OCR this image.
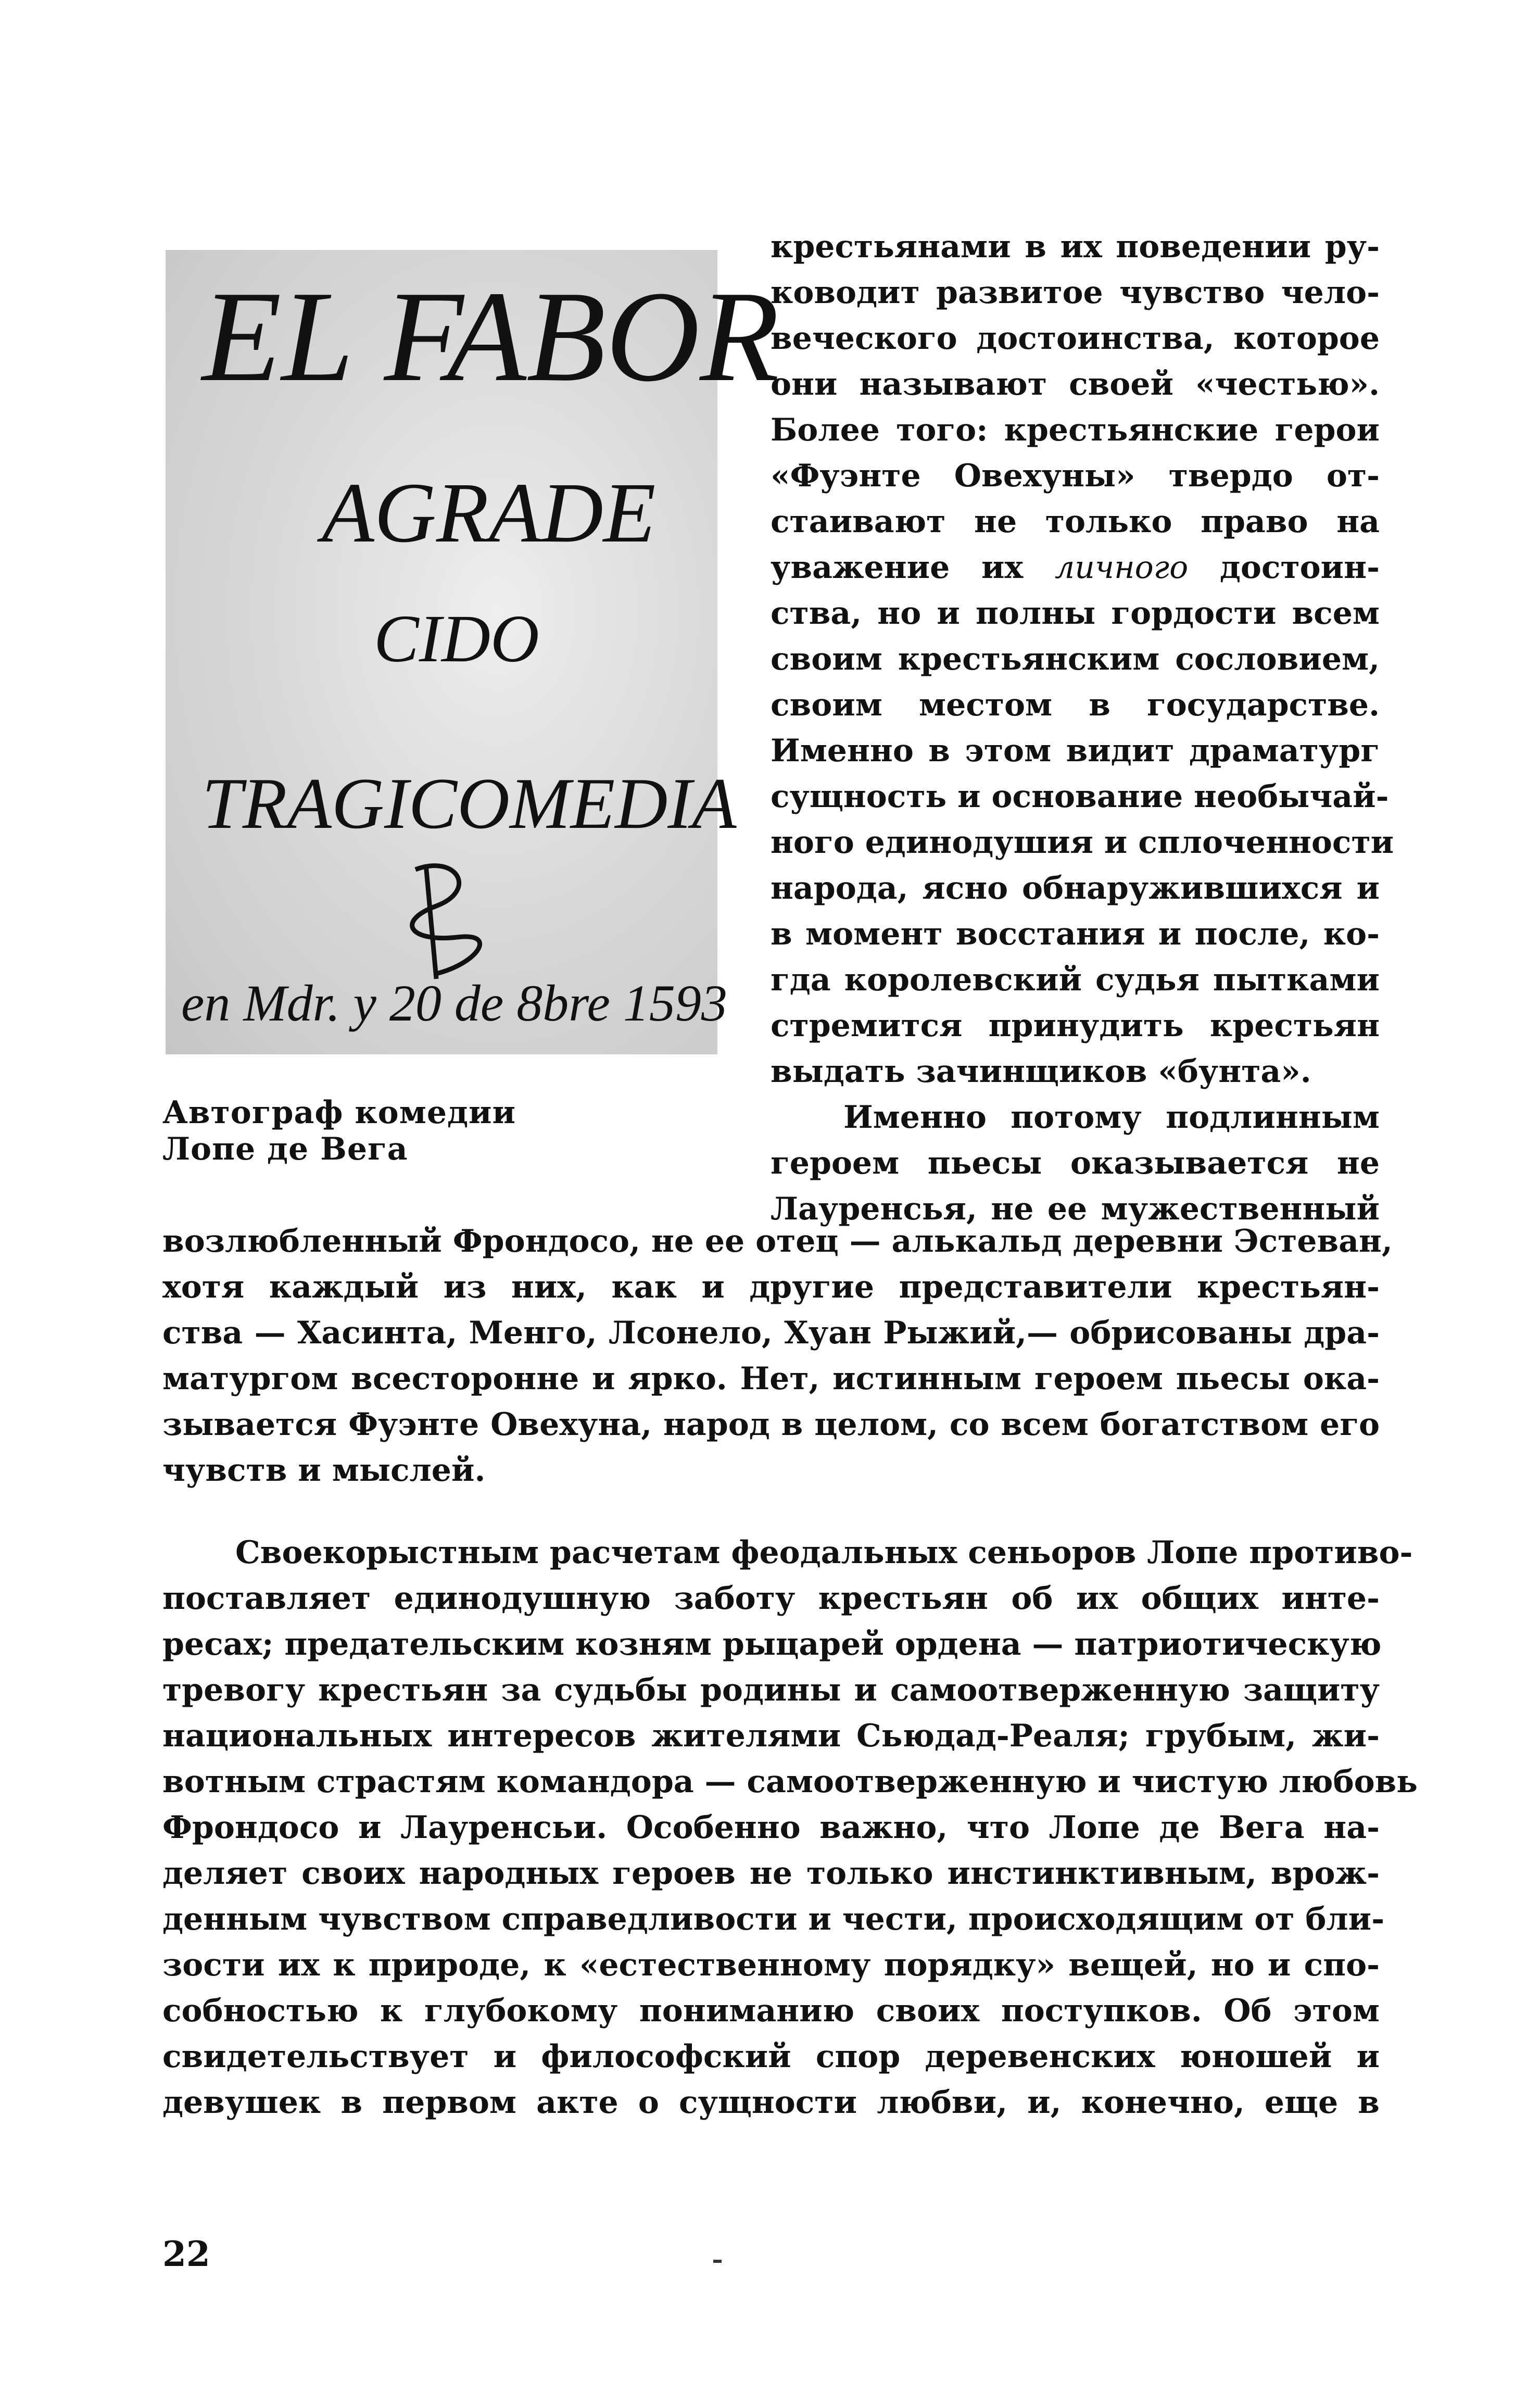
EL FABOR
AGRADE
CIDO
TRAGICOMEDIA
en Mdr. y 20 de 8bre 1593
Автограф комедии
Лопе де Вега
крестьянами в их поведении ру-
ководит развитое чувство чело-
веческого достоинства, которое
они называют своей «честью».
Более того: крестьянские герои
«Фуэнте Овехуны» твердо от-
стаивают не только право на
уважение их личного достоин-
ства, но и полны гордости всем
своим крестьянским сословием,
своим местом в государстве.
Именно в этом видит драматург
сущность и основание необычай-
ного единодушия и сплоченности
народа, ясно обнаружившихся и
в момент восстания и после, ко-
гда королевский судья пытками
стремится принудить крестьян
выдать зачинщиков «бунта».
Именно потому подлинным
героем пьесы оказывается не
Лауренсья, не ее мужественный
возлюбленный Фрондосо, не ее отец — алькальд деревни Эстеван,
хотя каждый из них, как и другие представители крестьян-
ства — Хасинта, Менго, Лсонело, Хуан Рыжий,— обрисованы дра-
матургом всесторонне и ярко. Нет, истинным героем пьесы ока-
зывается Фуэнте Овехуна, народ в целом, со всем богатством его
чувств и мыслей.
Своекорыстным расчетам феодальных сеньоров Лопе противо-
поставляет единодушную заботу крестьян об их общих инте-
ресах; предательским козням рыцарей ордена — патриотическую
тревогу крестьян за судьбы родины и самоотверженную защиту
национальных интересов жителями Сьюдад-Реаля; грубым, жи-
вотным страстям командора — самоотверженную и чистую любовь
Фрондосо и Лауренсьи. Особенно важно, что Лопе де Вега на-
деляет своих народных героев не только инстинктивным, врож-
денным чувством справедливости и чести, происходящим от бли-
зости их к природе, к «естественному порядку» вещей, но и спо-
собностью к глубокому пониманию своих поступков. Об этом
свидетельствует и философский спор деревенских юношей и
девушек в первом акте о сущности любви, и, конечно, еще в
22
